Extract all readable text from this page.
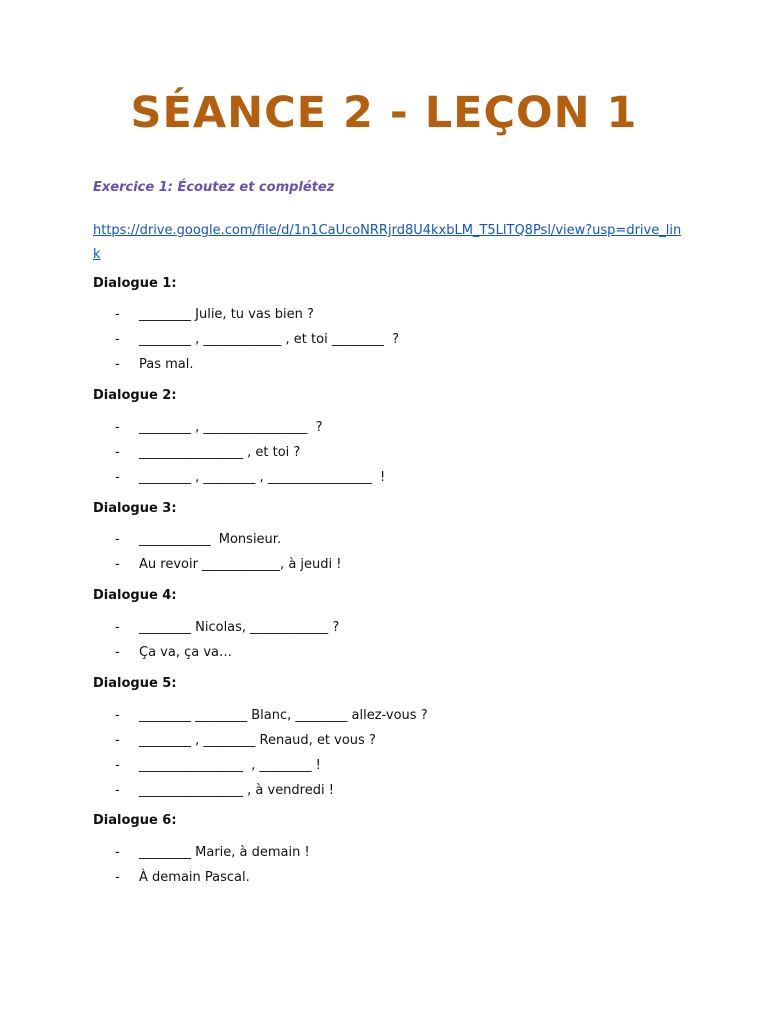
SÉANCE 2 - LEÇON 1

Exercice 1: Écoutez et complétez

https://drive.google.com/file/d/1n1CaUcoNRRjrd8U4kxbLM_T5LlTQ8Psl/view?usp=drive_link

Dialogue 1:

- ________ Julie, tu vas bien ?
- ________ , ____________ , et toi ________  ?
- Pas mal.

Dialogue 2:

- ________ , ________________  ?
- ________________ , et toi ?
- ________ , ________ , ________________  !

Dialogue 3:

- ___________  Monsieur.
- Au revoir ____________, à jeudi !

Dialogue 4:

- ________ Nicolas, ____________ ?
- Ça va, ça va…

Dialogue 5:

- ________ ________ Blanc, ________ allez-vous ?
- ________ , ________ Renaud, et vous ?
- ________________  , ________ !
- ________________ , à vendredi !

Dialogue 6:

- ________ Marie, à demain !
- À demain Pascal.
